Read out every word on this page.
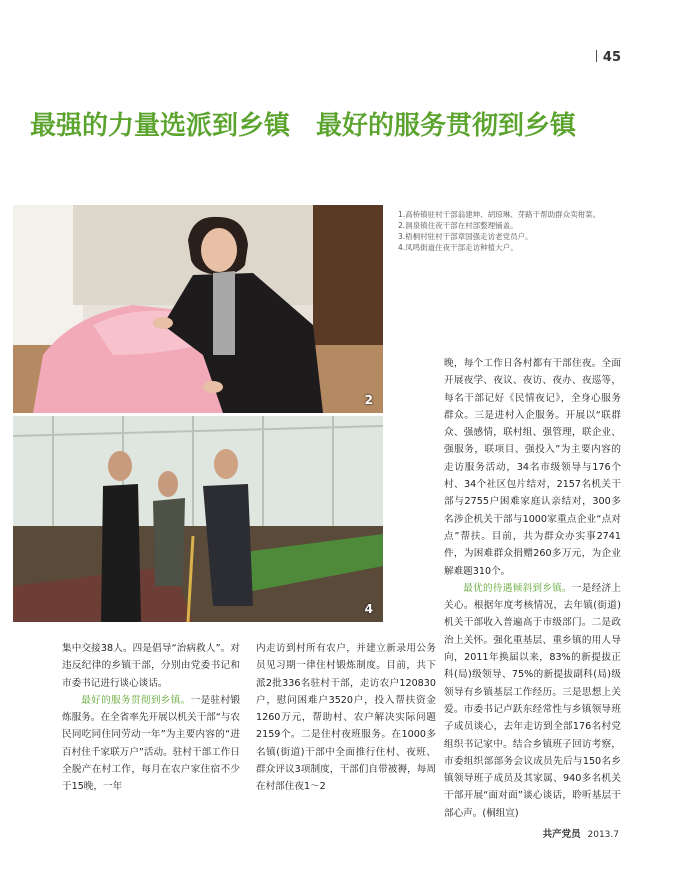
45
最强的力量选派到乡镇　最好的服务贯彻到乡镇
2
4
1.高桥镇驻村干部翁建坤、胡琼琳、芽路干帮助群众卖柑菜。
2.洞泉镇住夜干部在村部整理铺盖。
3.梧桐村驻村干部章国强走访老党员户。
4.凤鸣街道住夜干部走访种植大户。

晚，每个工作日各村都有干部住夜。全面开展夜学、夜议、夜访、夜办、夜巡等，每名干部记好《民情夜记》，全身心服务群众。三是进村入企服务。开展以“联群众、强感情，联村组、强管理，联企业、强服务，联项目、强投入”为主要内容的走访服务活动，34名市级领导与176个村、34个社区包片结对，2157名机关干部与2755户困难家庭认亲结对，300多名涉企机关干部与1000家重点企业“点对点”帮扶。目前，共为群众办实事2741件，为困难群众捐赠260多万元，为企业解难题310个。

最优的待遇倾斜到乡镇。一是经济上关心。根据年度考核情况，去年镇(街道)机关干部收入普遍高于市级部门。二是政治上关怀。强化重基层、重乡镇的用人导向，2011年换届以来，83%的新提拔正科(局)级领导、75%的新提拔副科(局)级领导有乡镇基层工作经历。三是思想上关爱。市委书记卢跃东经常性与乡镇领导班子成员谈心，去年走访到全部176名村党组织书记家中。结合乡镇班子回访考察，市委组织部部务会议成员先后与150名乡镇领导班子成员及其家属、940多名机关干部开展“面对面”谈心谈话，聆听基层干部心声。(桐组宣)

集中交接38人。四是倡导“治病救人”。对违反纪律的乡镇干部，分别由党委书记和市委书记进行谈心谈话。

最好的服务贯彻到乡镇。一是驻村锻炼服务。在全省率先开展以机关干部“与农民同吃同住同劳动一年”为主要内容的“进百村住千家联万户”活动。驻村干部工作日全脱产在村工作，每月在农户家住宿不少于15晚，一年

内走访到村所有农户，并建立新录用公务员见习期一律住村锻炼制度。目前，共下派2批336名驻村干部，走访农户120830户，慰问困难户3520户，投入帮扶资金1260万元，帮助村、农户解决实际问题2159个。二是住村夜班服务。在1000多名镇(街道)干部中全面推行住村、夜班、群众评议3项制度，干部们自带被褥，每周在村部住夜1～2

共产党员 2013.7
